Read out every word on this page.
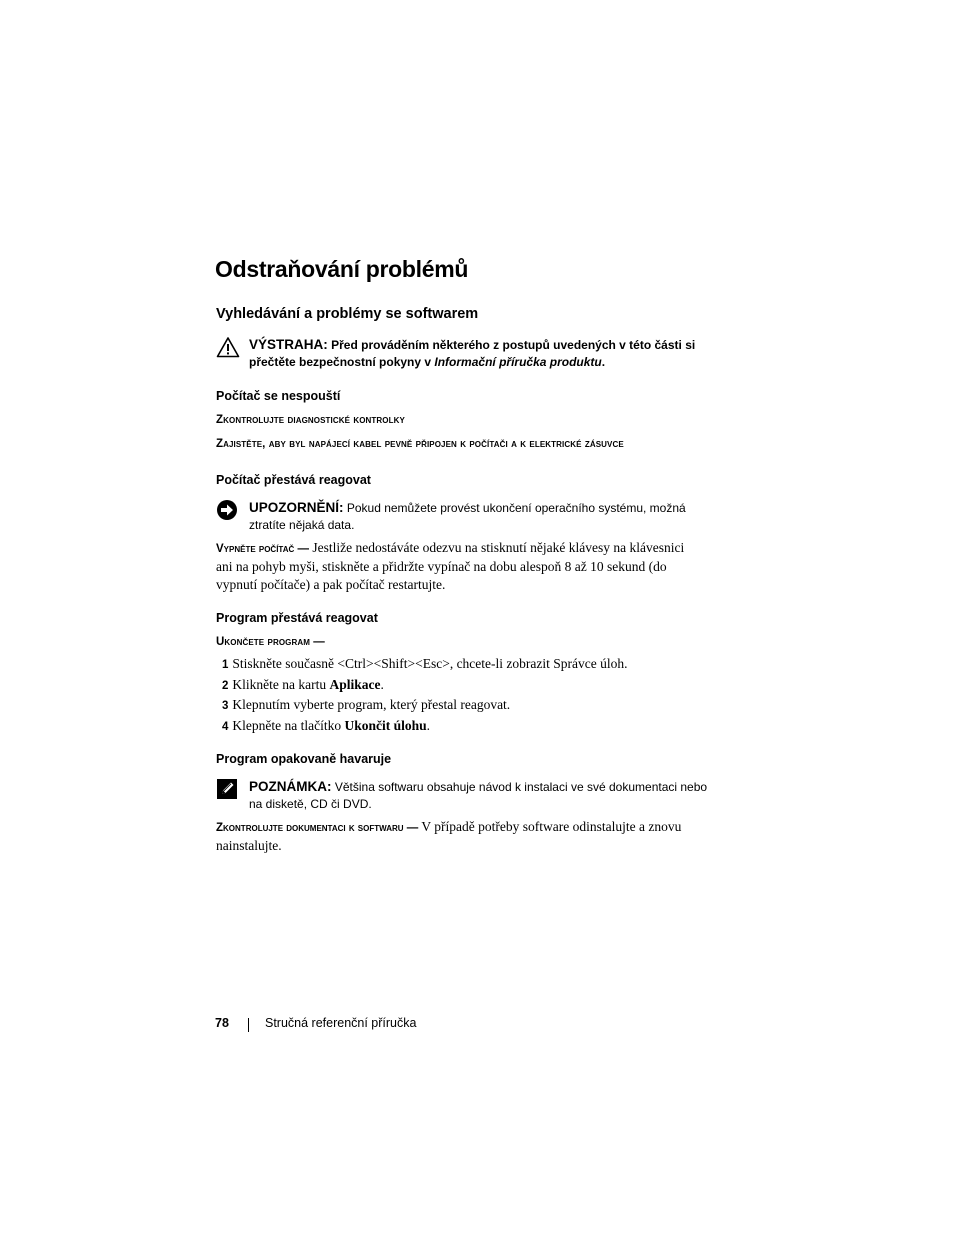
Odstraňování problémů
Vyhledávání a problémy se softwarem
VÝSTRAHA: Před prováděním některého z postupů uvedených v této části si přečtěte bezpečnostní pokyny v Informační příručka produktu.
Počítač se nespouští

Zkontrolujte diagnostické kontrolky

Zajistěte, aby byl napájecí kabel pevně připojen k počítači a k elektrické zásuvce

Počítač přestává reagovat
UPOZORNĚNÍ: Pokud nemůžete provést ukončení operačního systému, možná ztratíte nějaká data.

Vypněte počítač — Jestliže nedostáváte odezvu na stisknutí nějaké klávesy na klávesnici ani na pohyb myši, stiskněte a přidržte vypínač na dobu alespoň 8 až 10 sekund (do vypnutí počítače) a pak počítač restartujte.

Program přestává reagovat

Ukončete program —

1 Stiskněte současně <Ctrl><Shift><Esc>, chcete-li zobrazit Správce úloh.
2 Klikněte na kartu Aplikace.
3 Klepnutím vyberte program, který přestal reagovat.
4 Klepněte na tlačítko Ukončit úlohu.
Program opakovaně havaruje
POZNÁMKA: Většina softwaru obsahuje návod k instalaci ve své dokumentaci nebo na disketě, CD či DVD.

Zkontrolujte dokumentaci k softwaru — V případě potřeby software odinstalujte a znovu nainstalujte.

78	Stručná referenční příručka
